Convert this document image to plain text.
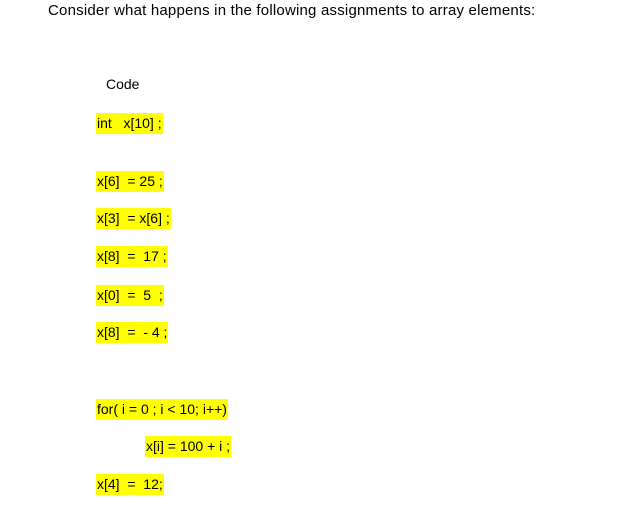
Consider what happens in the following assignments to array elements:
Code
int   x[10] ;
x[6]  = 25 ;
x[3]  = x[6] ;
x[8]  =  17 ;
x[0]  =  5  ;
x[8]  =  - 4 ;
for( i = 0 ; i < 10; i++)
x[i] = 100 + i ;
x[4]  =  12;
